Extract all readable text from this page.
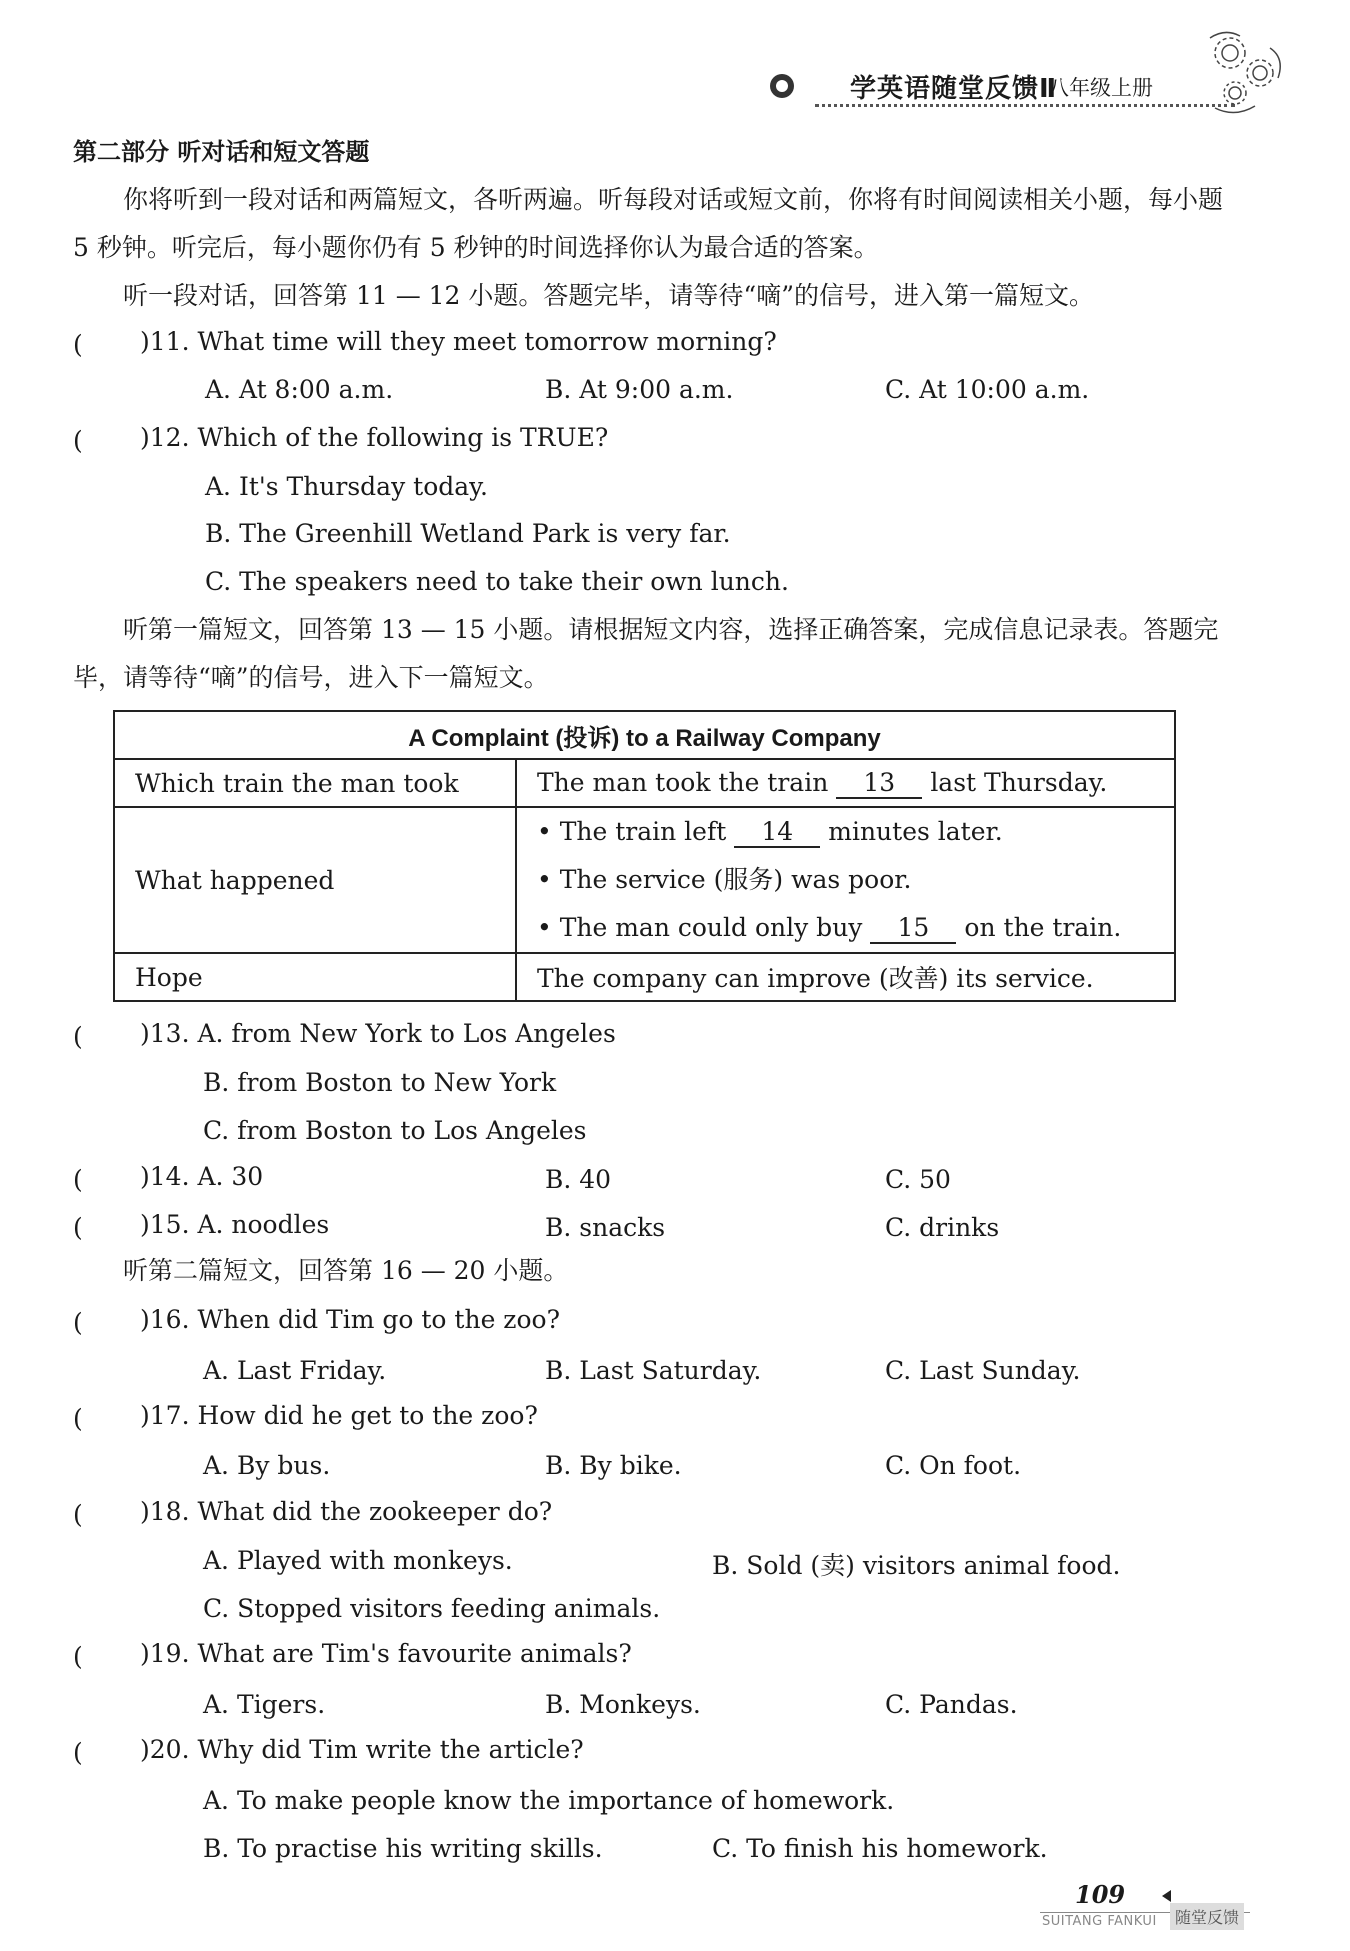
学英语随堂反馈Ⅱ
八年级上册
第二部分 听对话和短文答题
你将听到一段对话和两篇短文，各听两遍。听每段对话或短文前，你将有时间阅读相关小题，每小题 5 秒钟。听完后，每小题你仍有 5 秒钟的时间选择你认为最合适的答案。
听一段对话，回答第 11 — 12 小题。答题完毕，请等待“嘀”的信号，进入第一篇短文。
( )11. What time will they meet tomorrow morning?
A. At 8:00 a.m.	B. At 9:00 a.m.	C. At 10:00 a.m.
( )12. Which of the following is TRUE?
A. It's Thursday today.
B. The Greenhill Wetland Park is very far.
C. The speakers need to take their own lunch.
听第一篇短文，回答第 13 — 15 小题。请根据短文内容，选择正确答案，完成信息记录表。答题完毕，请等待“嘀”的信号，进入下一篇短文。
A Complaint (投诉) to a Railway Company	
Which train the man took	The man took the train 13 last Thursday.
What happened	• The train left 14 minutes later.
• The service (服务) was poor.
• The man could only buy 15 on the train.

Hope	The company can improve (改善) its service.
( )13. A. from New York to Los Angeles
B. from Boston to New York
C. from Boston to Los Angeles
( )14. A. 30	B. 40	C. 50
( )15. A. noodles	B. snacks	C. drinks
听第二篇短文，回答第 16 — 20 小题。
( )16. When did Tim go to the zoo?
A. Last Friday.	B. Last Saturday.	C. Last Sunday.
( )17. How did he get to the zoo?
A. By bus.	B. By bike.	C. On foot.
( )18. What did the zookeeper do?
A. Played with monkeys.	B. Sold (卖) visitors animal food.
C. Stopped visitors feeding animals.
( )19. What are Tim's favourite animals?
A. Tigers.	B. Monkeys.	C. Pandas.
( )20. Why did Tim write the article?
A. To make people know the importance of homework.
B. To practise his writing skills.	C. To finish his homework.
109
SUITANG FANKUI	随堂反馈
